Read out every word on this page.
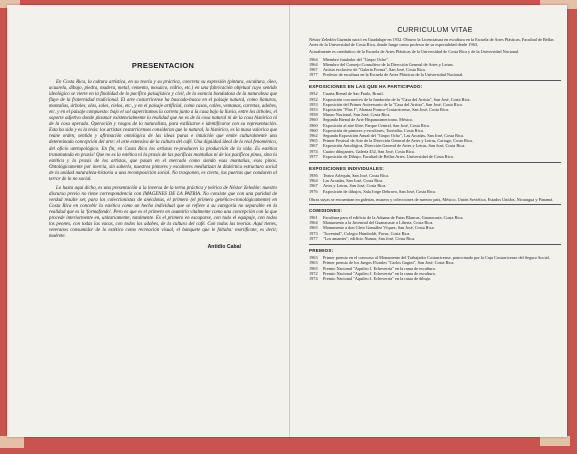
PRESENTACION

En Costa Rica, la cultura artística, en su teoría y su práctica, concreta su expresión (pintura, escultura, óleo, acuarela, dibujo, piedra, madera, metal, cemento, mosaico, vidrio, etc.) en una fabricación objetual cuyo sentido ideológico se vierte en la finalidad de lo pacífico paisajístico y civil, de la esencia bondadosa de la naturaleza que fluye de la fraternidad tradicional. El arte costarricense ha buscado-busca en el paisaje natural, como llanuras, montañas, árboles, olas, soles, cielos, etc., y en el paisaje artificial, como casas, calles, ventanas, carretas, adobes, etc. y en el paisaje compuesto: bajo el sol supercitamos la carreta junto a la casa bajo la lluvia, entre los árboles, el soporte adjetivo donde plasmar existencialmente la realidad que no es de la cosa natural ni de la cosa histórica ni de la cosa operada. Operación y rasgos de lo naturalista, para estilizarse e identificarse con su representación. Esta ha sido y es la tesis: los artistas costarricenses consideran que lo natural, lo histórico, es la masa valorica que reúne orden, sentido y afirmación ontológica de las ideas puras e intuición que emite culturalmente una determinada concepción del arte: el arte extensiva de la cultura del café. Una dignidad ideal de lo real fenoménico, del oficio antropológico. En fin, en Costa Rica los artistas re-producen la producción de la vida. Es estética transmutada en praxis! Que no es la estética ni la praxis de las pacíficas montañas ni de los pacíficos pinos, sino la estética y la praxis de los artistas, que pasan en el mercado como siendo esas montañas, esos pinos. Ontológicamente por inercia, sin saberlo, nuestros pintores y escultores mediatizan la dialéctica estructura social de la unidad naturaleza-historia a una recomposición social. No trasponen, es cierto, las puertas que conducen al terror de lo no social.

Lo hasta aquí dicho, es una presentación a la inversa de la terna práctica y teórica de Néstor Zeledón: nuestro discurso previo no tiene correspondencia con IMAGENES DE LA PATRIA. No consiste que con una puridad de verdad resulte ser, para los coleccionistas de anécdotas, el primero (el primero genético-cronológicamente) en Costa Rica en concebir la estética como un hecho individual que se refiere a su categoría no separable en la realidad que es la 'formafondo'. Pero es que es el primero en asumirlo vitalmente como una concepción con la que procede interiormente en, unitariamente, totalmente. Es el primero en escaparse, con todo el equipaje, con todos los peones, con todas las vacas, con todos los adobes, de la cultura del café. Con todas las teorías. Aquí tienes, veteranos consumidor de lo estético como recreación visual, el banquete que le faltaba: mortificate, es decir, muérete.

Antidio Cabal
CURRICULUM VITAE

Néstor Zeledón Guzmán nació en Guadalupe en 1932. Obtuvo la Licenciatura en escultura en la Escuela de Artes Plásticas, Facultad de Bellas Artes de la Universidad de Costa Rica, donde funge como profesor de su especialidad desde 1963.

Actualmente es catedrático de la Escuela de Artes Plásticas de la Universidad de Costa Rica y de la Universidad Nacional.

1964	Miembro fundador del "Grupo Ocho".
1964	Miembro del Consejo Consultivo de la Dirección General de Artes y Letras.
1967	Artista exclusivo de "Galería Forma", San José, Costa Rica.
1977	Profesor de escultura en la Escuela de Artes Plásticas de la Universidad Nacional.
EXPOSICIONES EN LAS QUE HA PARTICIPADO:
1952	Cuarta Bienal de Sao Paulo, Brasil.
1952	Exposición con motivo de la fundación de la "Casa del Artista", San José, Costa Rica.
1953	Exposición del Primer Aniversario de la "Casa del Artista", San José, Costa Rica.
1953	Exposición "Plus I", Alianza Franco-Costarricense, San José, Costa Rica.
1958	Museo Nacional, San José, Costa Rica.
1960	Segunda Bienal de Arte Hispanoamericano, México.
1960	Exposición al aire libre, Parque Central, San José, Costa Rica.
1960	Exposición de pintores y escultores, Turrialba, Costa Rica.
1962	Segunda Exposición Anual del "Grupo Ocho", Las Arcadas, San José, Costa Rica.
1965	Primer Festival de Arte de la Dirección General de Artes y Letras, Cartago, Costa Rica.
1967	Exposición Antológica, Dirección General de Artes y Letras, San José, Costa Rica.
1974	Cuatro dibujantes, Galería 452, San José, Costa Rica.
1977	Exposición de Dibujo, Facultad de Bellas Artes, Universidad de Costa Rica.
EXPOSICIONES INDIVIDUALES:
1956	Teatro Arlequín, San José, Costa Rica.
1964	Las Arcadas, San José, Costa Rica.
1967	Artes y Letras, San José, Costa Rica.
1976	Exposición de dibujos, Sala Jorge Debravo, San José, Costa Rica.

Obras suyas se encuentran en galerías, museos y colecciones de nuestro país, México, Unión Soviética, Estados Unidos, Nicaragua y Panamá.

COMISIONES:
1961	Escultura para el edificio de la Aduana de Fatas Blancas, Guanacaste, Costa Rica.
1964	Monumento a la Juventud del Guanacaste a Liberia, Costa Rica.
1965	Monumento a don Cleto González Víquez, San José, Costa Rica.
1973	"Juventud", Colegio Humboldt, Pavas, Costa Rica.
1977	"Los amantes", edificio Numar, San José, Costa Rica.
PREMIOS:
1963	Primer premio en el concurso al Monumento del Trabajador Costarricense, patrocinado por la Caja Costarricense del Seguro Social.
1963	Primer premio de los Juegos Florales "Carlos Gagini", San José, Costa Rica.
1965	Premio Nacional "Aquileo J. Echeverría" en la rama de escultura.
1972	Premio Nacional "Aquileo J. Echeverría" en la rama de escultura.
1974	Premio Nacional "Aquileo J. Echeverría" en la rama de dibujo.
